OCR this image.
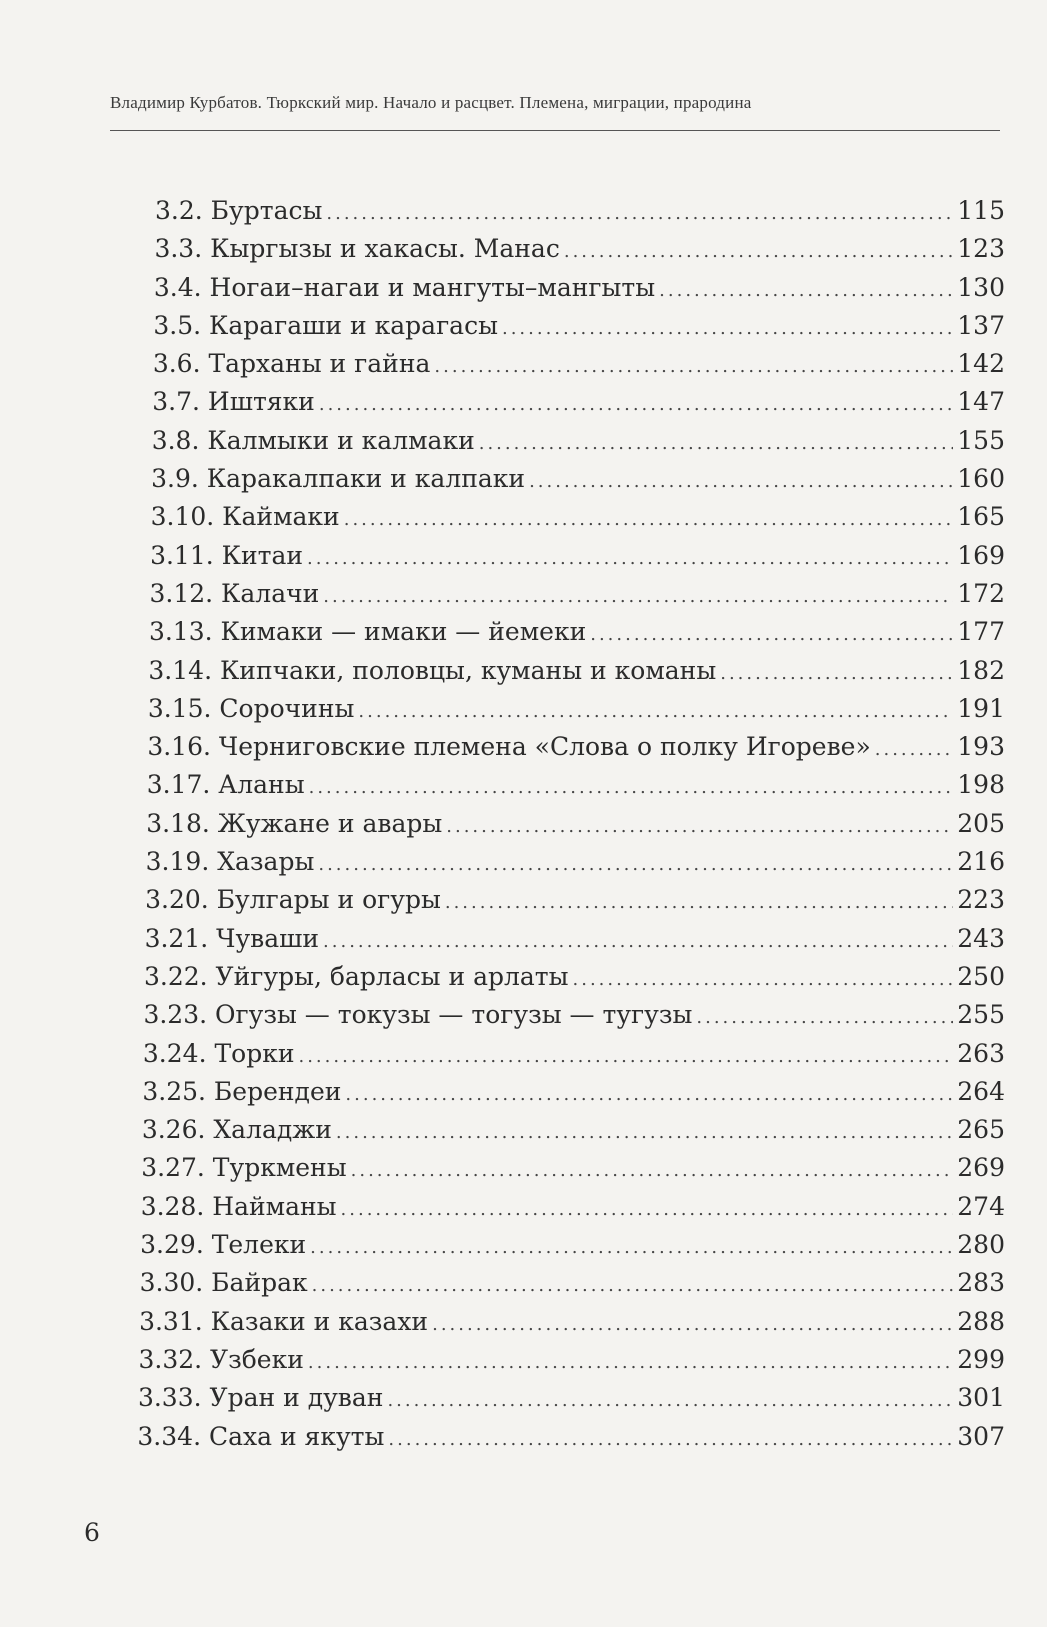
Владимир Курбатов. Тюркский мир. Начало и расцвет. Племена, миграции, прародина
3.2. Буртасы .....	115
3.3. Кыргызы и хакасы. Манас .....	123
3.4. Ногаи–нагаи и мангуты–мангыты .....	130
3.5. Карагаши и карагасы .....	137
3.6. Тарханы и гайна .....	142
3.7. Иштяки .....	147
3.8. Калмыки и калмаки .....	155
3.9. Каракалпаки и калпаки .....	160
3.10. Каймаки .....	165
3.11. Китаи .....	169
3.12. Калачи .....	172
3.13. Кимаки — имаки — йемеки .....	177
3.14. Кипчаки, половцы, куманы и команы .....	182
3.15. Сорочины .....	191
3.16. Черниговские племена «Слова о полку Игореве» .....	193
3.17. Аланы .....	198
3.18. Жужане и авары .....	205
3.19. Хазары .....	216
3.20. Булгары и огуры .....	223
3.21. Чуваши .....	243
3.22. Уйгуры, барласы и арлаты .....	250
3.23. Огузы — токузы — тогузы — тугузы .....	255
3.24. Торки .....	263
3.25. Берендеи .....	264
3.26. Халаджи .....	265
3.27. Туркмены .....	269
3.28. Найманы .....	274
3.29. Телеки .....	280
3.30. Байрак .....	283
3.31. Казаки и казахи .....	288
3.32. Узбеки .....	299
3.33. Уран и дуван .....	301
3.34. Саха и якуты .....	307
6
